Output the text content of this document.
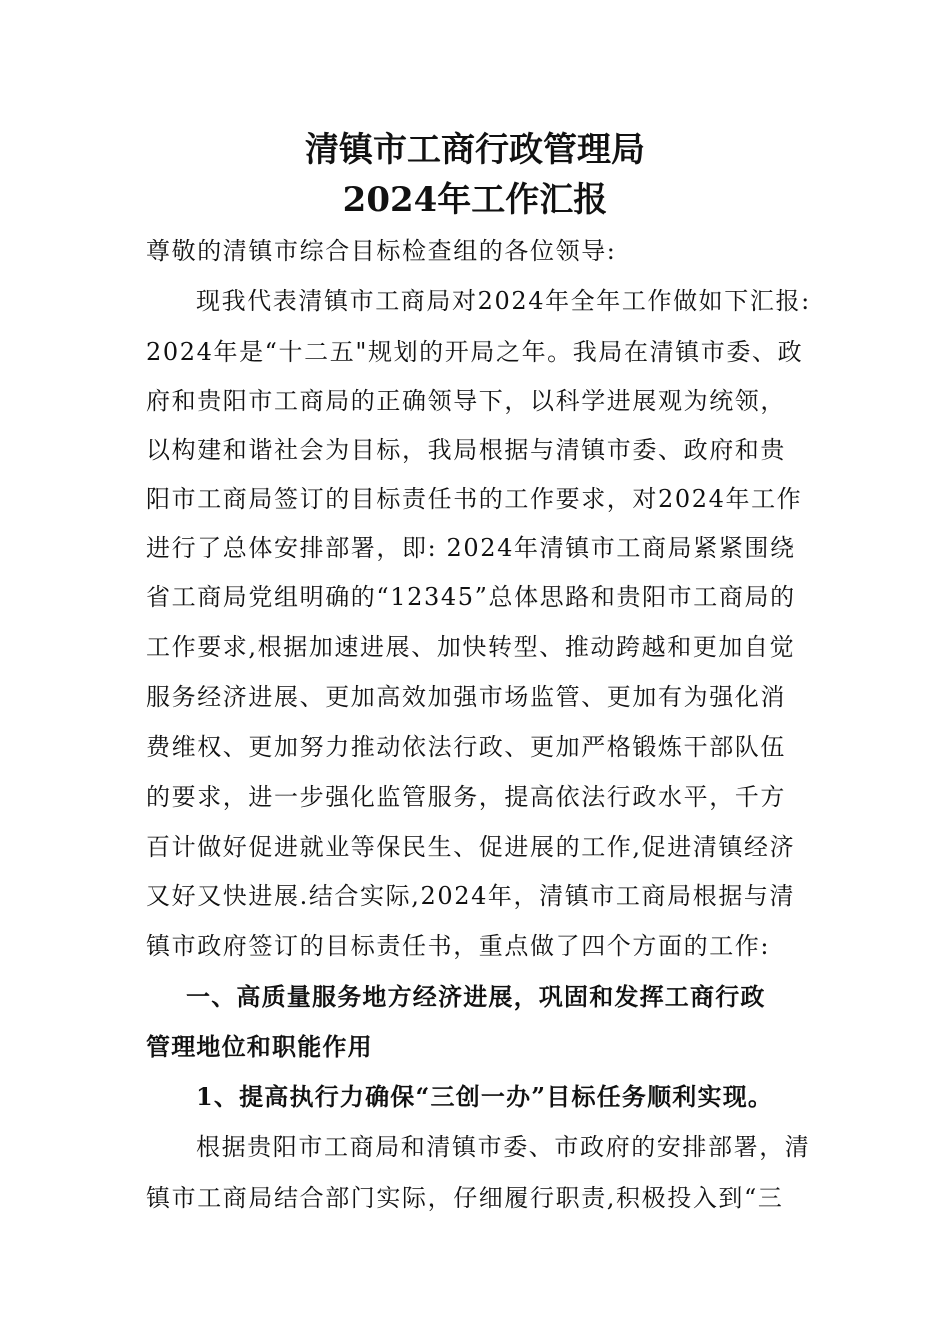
清镇市工商行政管理局
2024年工作汇报
尊敬的清镇市综合目标检查组的各位领导:
现我代表清镇市工商局对2024年全年工作做如下汇报:
2024年是“十二五"规划的开局之年。我局在清镇市委、政
府和贵阳市工商局的正确领导下，以科学进展观为统领，
以构建和谐社会为目标，我局根据与清镇市委、政府和贵
阳市工商局签订的目标责任书的工作要求，对2024年工作
进行了总体安排部署，即: 2024年清镇市工商局紧紧围绕
省工商局党组明确的“12345”总体思路和贵阳市工商局的
工作要求,根据加速进展、加快转型、推动跨越和更加自觉
服务经济进展、更加高效加强市场监管、更加有为强化消
费维权、更加努力推动依法行政、更加严格锻炼干部队伍
的要求，进一步强化监管服务，提高依法行政水平，千方
百计做好促进就业等保民生、促进展的工作,促进清镇经济
又好又快进展.结合实际,2024年，清镇市工商局根据与清
镇市政府签订的目标责任书，重点做了四个方面的工作:
一、高质量服务地方经济进展，巩固和发挥工商行政
管理地位和职能作用
1、提高执行力确保“三创一办”目标任务顺利实现。
根据贵阳市工商局和清镇市委、市政府的安排部署，清
镇市工商局结合部门实际，仔细履行职责,积极投入到“三
